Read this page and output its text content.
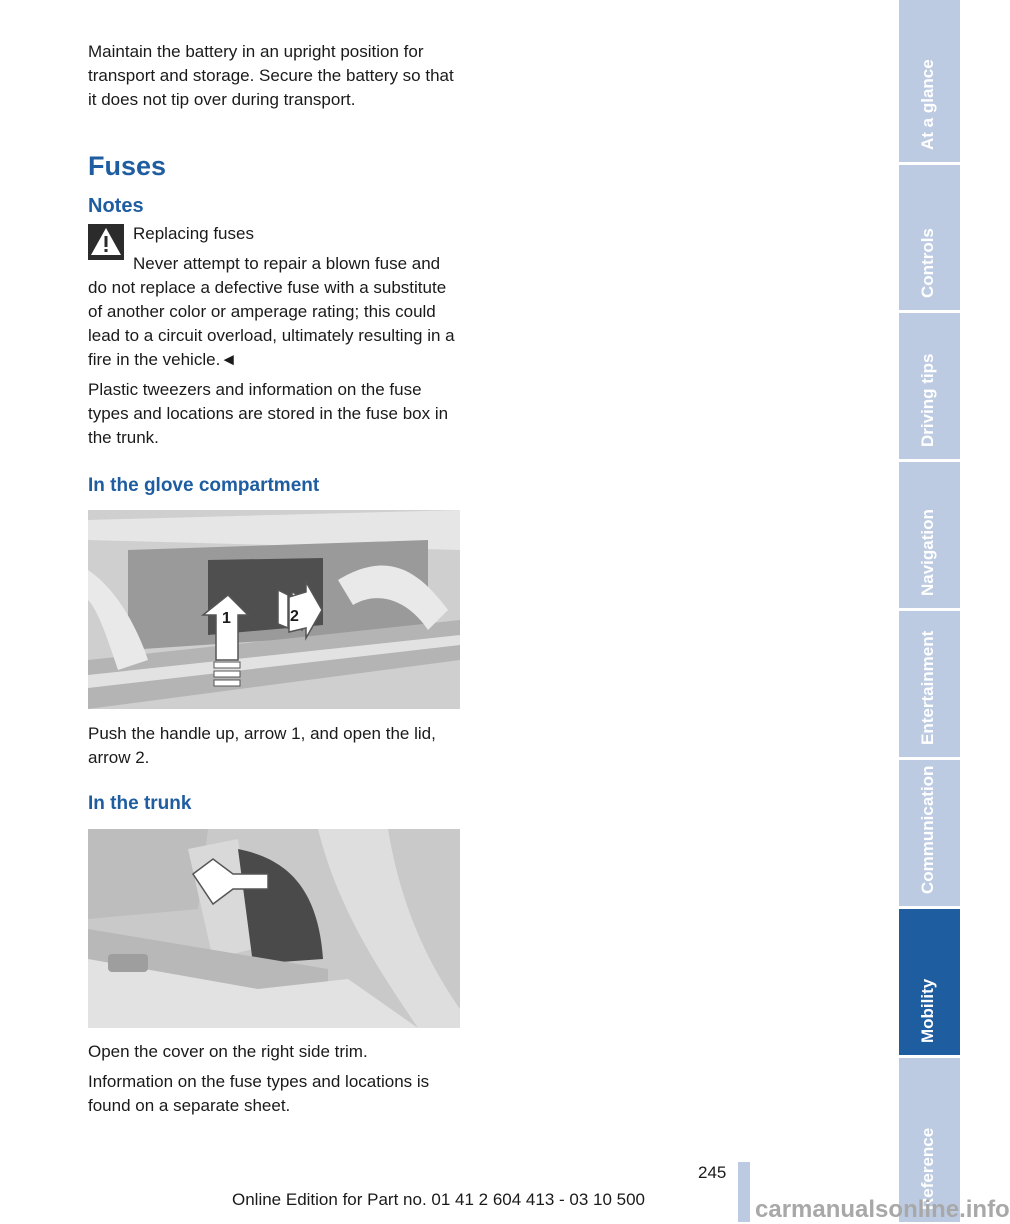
Maintain the battery in an upright position for transport and storage. Secure the battery so that it does not tip over during transport.

Fuses
Notes

Replacing fuses

Never attempt to repair a blown fuse and

do not replace a defective fuse with a substitute of another color or amperage rating; this could lead to a circuit overload, ultimately resulting in a fire in the vehicle.◄

Plastic tweezers and information on the fuse types and locations are stored in the fuse box in the trunk.

In the glove compartment
1	2

Push the handle up, arrow 1, and open the lid, arrow 2.

In the trunk

Open the cover on the right side trim.

Information on the fuse types and locations is found on a separate sheet.

At a glance
Controls
Driving tips
Navigation
Entertainment
Communication
Mobility
Reference
245
Online Edition for Part no. 01 41 2 604 413 - 03 10 500	carmanualsonline.info
